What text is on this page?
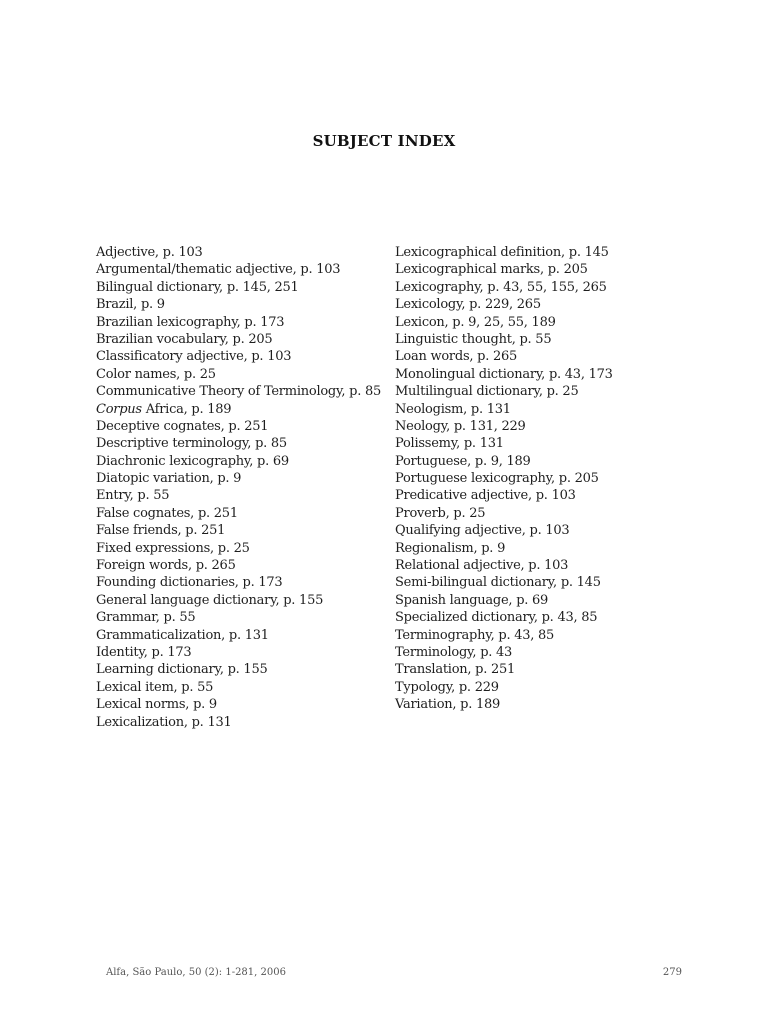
SUBJECT INDEX
Adjective, p. 103
Argumental/thematic adjective, p. 103
Bilingual dictionary, p. 145, 251
Brazil, p. 9
Brazilian lexicography, p. 173
Brazilian vocabulary, p. 205
Classificatory adjective, p. 103
Color names, p. 25
Communicative Theory of Terminology, p. 85
Corpus Africa, p. 189
Deceptive cognates, p. 251
Descriptive terminology, p. 85
Diachronic lexicography, p. 69
Diatopic variation, p. 9
Entry, p. 55
False cognates, p. 251
False friends, p. 251
Fixed expressions, p. 25
Foreign words, p. 265
Founding dictionaries, p. 173
General language dictionary, p. 155
Grammar, p. 55
Grammaticalization, p. 131
Identity, p. 173
Learning dictionary, p. 155
Lexical item, p. 55
Lexical norms, p. 9
Lexicalization, p. 131
Lexicographical definition, p. 145
Lexicographical marks, p. 205
Lexicography, p. 43, 55, 155, 265
Lexicology, p. 229, 265
Lexicon, p. 9, 25, 55, 189
Linguistic thought, p. 55
Loan words, p. 265
Monolingual dictionary, p. 43, 173
Multilingual dictionary, p. 25
Neologism, p. 131
Neology, p. 131, 229
Polissemy, p. 131
Portuguese, p. 9, 189
Portuguese lexicography, p. 205
Predicative adjective, p. 103
Proverb, p. 25
Qualifying adjective, p. 103
Regionalism, p. 9
Relational adjective, p. 103
Semi-bilingual dictionary, p. 145
Spanish language, p. 69
Specialized dictionary, p. 43, 85
Terminography, p. 43, 85
Terminology, p. 43
Translation, p. 251
Typology, p. 229
Variation, p. 189
Alfa, São Paulo, 50 (2): 1-281, 2006	279
